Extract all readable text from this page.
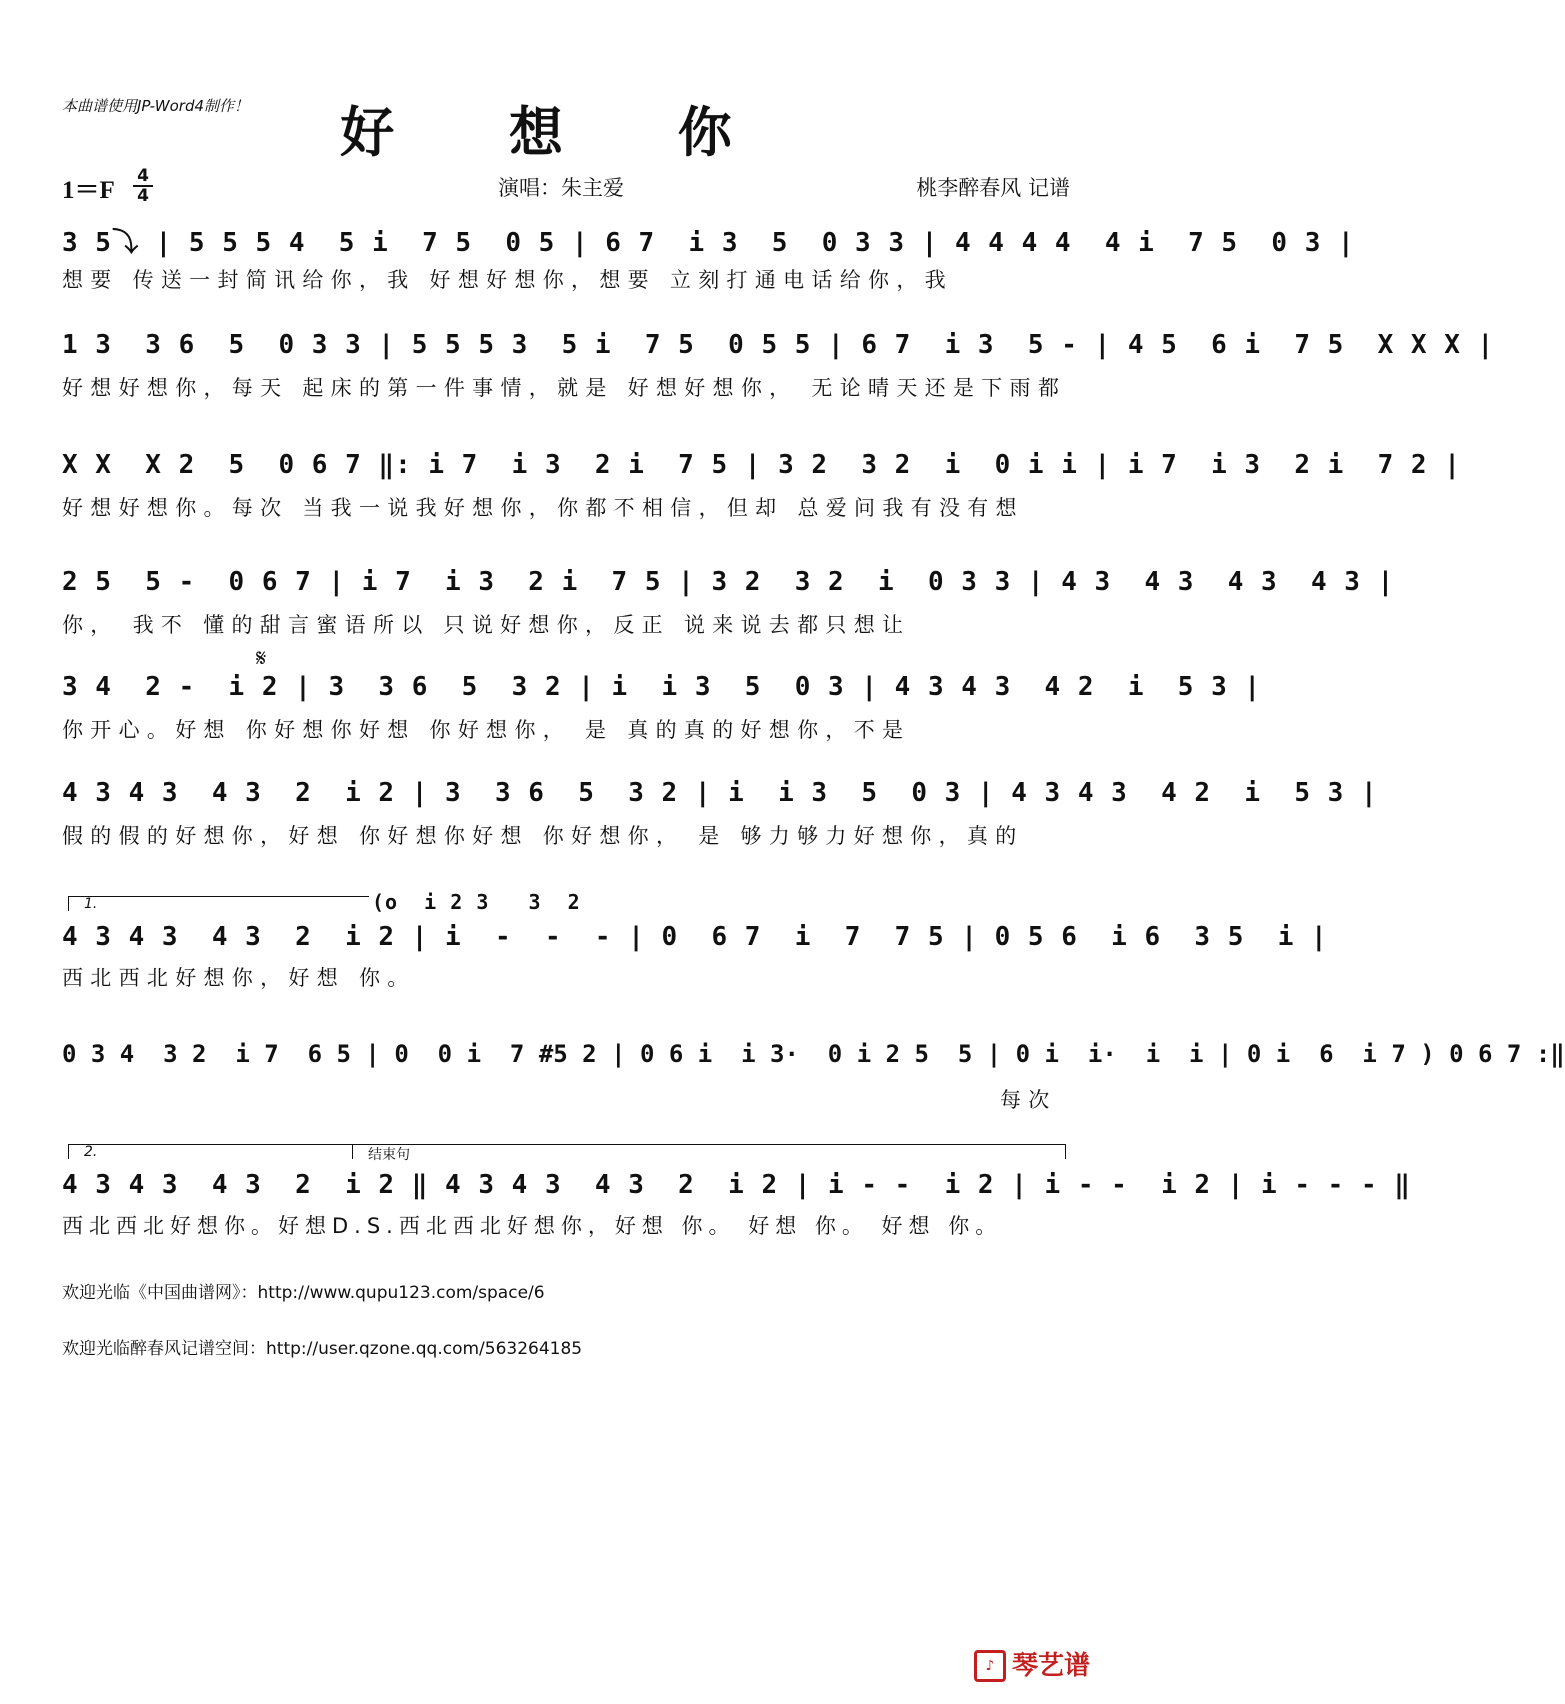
本曲谱使用JP-Word4制作！	好 想 你
1＝F
4
4	演唱：朱主爱	桃李醉春风 记谱
3 5⤵ | 5 5 5 4  5 i  7 5  0 5 | 6 7  i 3  5  0 3 3 | 4 4 4 4  4 i  7 5  0 3 |
想要 传送一封简讯给你，我 好想好想你，想要 立刻打通电话给你，我
1 3  3 6  5  0 3 3 | 5 5 5 3  5 i  7 5  0 5 5 | 6 7  i 3  5 - | 4 5  6 i  7 5  X X X |
好想好想你，每天 起床的第一件事情，就是 好想好想你， 无论晴天还是下雨都
X X  X 2  5  0 6 7 ‖: i 7  i 3  2 i  7 5 | 3 2  3 2  i  0 i i | i 7  i 3  2 i  7 2 |
好想好想你。每次 当我一说我好想你，你都不相信，但却 总爱问我有没有想
2 5  5 -  0 6 7 | i 7  i 3  2 i  7 5 | 3 2  3 2  i  0 3 3 | 4 3  4 3  4 3  4 3 |
你， 我不 懂的甜言蜜语所以 只说好想你，反正 说来说去都只想让
𝄋
3 4  2 -  i 2 | 3  3 6  5  3 2 | i  i 3  5  0 3 | 4 3 4 3  4 2  i  5 3 |
你开心。好想 你好想你好想 你好想你， 是 真的真的好想你，不是
4 3 4 3  4 3  2  i 2 | 3  3 6  5  3 2 | i  i 3  5  0 3 | 4 3 4 3  4 2  i  5 3 |
假的假的好想你，好想 你好想你好想 你好想你， 是 够力够力好想你，真的
1.	(o  i 2 3   3  2
4 3 4 3  4 3  2  i 2 | i  -  -  - | 0  6 7  i  7  7 5 | 0 5 6  i 6  3 5  i |
西北西北好想你，好想 你。
0 3 4  3 2  i 7  6 5 | 0  0 i  7 #5 2 | 0 6 i  i 3·  0 i 2 5  5 | 0 i  i·  i  i | 0 i  6  i 7 ) 0 6 7 :‖
每次
2.	结束句
4 3 4 3  4 3  2  i 2 ‖ 4 3 4 3  4 3  2  i 2 | i - -  i 2 | i - -  i 2 | i - - - ‖
西北西北好想你。好想D.S.西北西北好想你，好想 你。 好想 你。 好想 你。
欢迎光临《中国曲谱网》：http://www.qupu123.com/space/6
欢迎光临醉春风记谱空间：http://user.qzone.qq.com/563264185
♪ 琴艺谱
